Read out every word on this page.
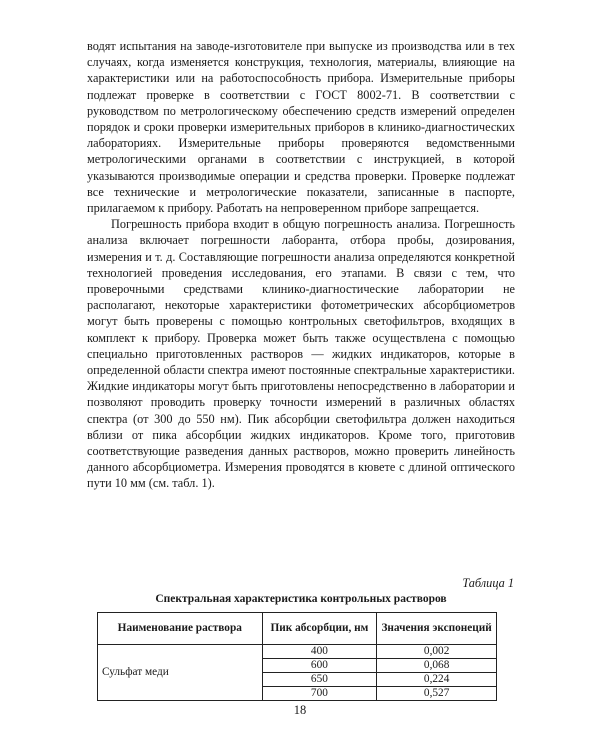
водят испытания на заводе-изготовителе при выпуске из производства или в тех случаях, когда изменяется конструкция, технология, материалы, влияющие на характеристики или на работоспособность прибора. Измерительные приборы подлежат проверке в соответствии с ГОСТ 8002-71. В соответствии с руководством по метрологическому обеспечению средств измерений определен порядок и сроки проверки измерительных приборов в клинико-диагностических лабораториях. Измерительные приборы проверяются ведомственными метрологическими органами в соответствии с инструкцией, в которой указываются производимые операции и средства проверки. Проверке подлежат все технические и метрологические показатели, записанные в паспорте, прилагаемом к прибору. Работать на непроверенном приборе запрещается.

Погрешность прибора входит в общую погрешность анализа. Погрешность анализа включает погрешности лаборанта, отбора пробы, дозирования, измерения и т. д. Составляющие погрешности анализа определяются конкретной технологией проведения исследования, его этапами. В связи с тем, что проверочными средствами клинико-диагностические лаборатории не располагают, некоторые характеристики фотометрических абсорбциометров могут быть проверены с помощью контрольных светофильтров, входящих в комплект к прибору. Проверка может быть также осуществлена с помощью специально приготовленных растворов — жидких индикаторов, которые в определенной области спектра имеют постоянные спектральные характеристики. Жидкие индикаторы могут быть приготовлены непосредственно в лаборатории и позволяют проводить проверку точности измерений в различных областях спектра (от 300 до 550 нм). Пик абсорбции светофильтра должен находиться вблизи от пика абсорбции жидких индикаторов. Кроме того, приготовив соответствующие разведения данных растворов, можно проверить линейность данного абсорбциометра. Измерения проводятся в кювете с длиной оптического пути 10 мм (см. табл. 1).

Таблица 1
Спектральная характеристика контрольных растворов
Наименование раствора	Пик абсорбции, нм	Значения экспонеций
Сульфат меди	400	0,002
	600	0,068
	650	0,224
	700	0,527
18
